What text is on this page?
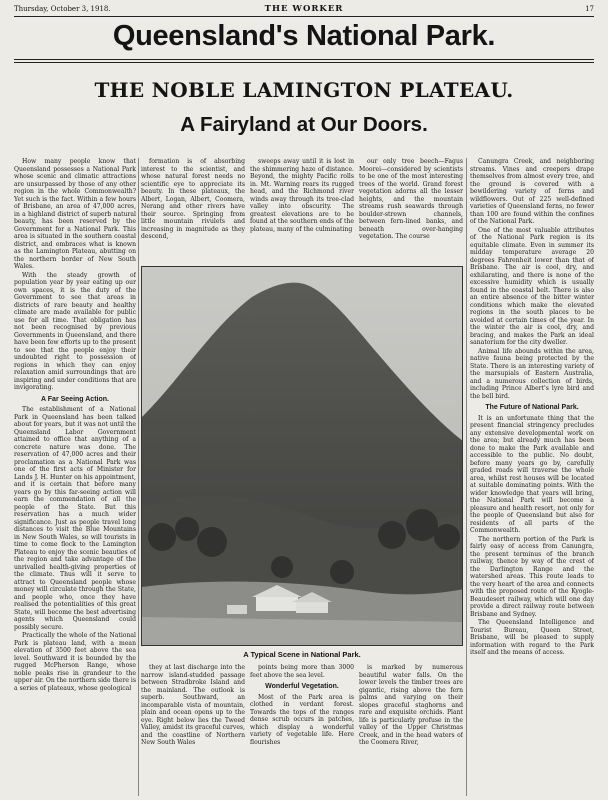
Thursday, October 3, 1918.	THE WORKER	17
Queensland's National Park.
THE NOBLE LAMINGTON PLATEAU.
A Fairyland at Our Doors.

How many people know that Queensland possesses a National Park whose scenic and climatic attractions are unsurpassed by those of any other region in the whole Commonwealth? Yet such is the fact. Within a few hours of Brisbane, an area of 47,000 acres, in a highland district of superb natural beauty, has been reserved by the Government for a National Park. This area is situated in the southern coastal district, and embraces what is known as the Lamington Plateau, abutting on the northern border of New South Wales.

With the steady growth of population year by year eating up our own spaces, it is the duty of the Government to see that areas in districts of rare beauty and healthy climate are made available for public use for all time. That obligation has not been recognised by previous Governments in Queensland, and there have been few efforts up to the present to see that the people enjoy their undoubted right to possession of regions in which they can enjoy relaxation amid surroundings that are inspiring and under conditions that are invigorating.

A Far Seeing Action.

The establishment of a National Park in Queensland has been talked about for years, but it was not until the Queensland Labor Government attained to office that anything of a concrete nature was done. The reservation of 47,000 acres and their proclamation as a National Park was one of the first acts of Minister for Lands J. H. Hunter on his appointment, and it is certain that before many years go by this far-seeing action will earn the commendation of all the people of the State. But this reservation has a much wider significance. Just as people travel long distances to visit the Blue Mountains in New South Wales, so will tourists in time to come flock to the Lamington Plateau to enjoy the scenic beauties of the region and take advantage of the unrivalled health-giving properties of the climate. Thus will it serve to attract to Queensland people whose money will circulate through the State, and people who, once they have realised the potentialities of this great State, will become the best advertising agents which Queensland could possibly secure.

Practically the whole of the National Park is plateau land, with a mean elevation of 3500 feet above the sea level. Southward it is bounded by the rugged McPherson Range, whose noble peaks rise in grandeur to the upper air. On the northern side there is a series of plateaux, whose geological

formation is of absorbing interest to the scientist, and whose natural forest needs no scientific eye to appreciate its beauty. In these plateaux, the Albert, Logan, Albert, Coomera, Nerang and other rivers have their source. Springing from little mountain rivulets and increasing in magnitude as they descend,

sweeps away until it is lost in the shimmering haze of distance. Beyond, the mighty Pacific rolls in. Mt. Warning rears its rugged head, and the Richmond river winds away through its tree-clad valley into obscurity. The greatest elevations are to be found at the southern ends of the plateau, many of the culminating

our only tree beech—Fagus Moorei—considered by scientists to be one of the most interesting trees of the world. Grand forest vegetation adorns all the lesser heights, and the mountain streams rush seawards through boulder-strewn channels, between fern-lined banks, and beneath over-hanging vegetation. The course

A Typical Scene in National Park.

Canungra Creek, and neighboring streams. Vines and creepers drape themselves from almost every tree, and the ground is covered with a bewildering variety of ferns and wildflowers. Out of 225 well-defined varieties of Queensland ferns, no fewer than 100 are found within the confines of the National Park.

One of the most valuable attributes of the National Park region is its equitable climate. Even in summer its midday temperature average 20 degrees Fahrenheit lower than that of Brisbane. The air is cool, dry, and exhilarating, and there is none of the excessive humidity which is usually found in the coastal belt. There is also an entire absence of the bitter winter conditions which make the elevated regions in the south places to be avoided at certain times of the year. In the winter the air is cool, dry, and bracing, and makes the Park an ideal sanatorium for the city dweller.

Animal life abounds within the area, native fauna being protected by the State. There is an interesting variety of the marsupials of Eastern Australia, and a numerous collection of birds, including Prince Albert's lyre bird and the bell bird.

The Future of National Park.

It is an unfortunate thing that the present financial stringency precludes any extensive developmental work on the area; but already much has been done to make the Park available and accessible to the public. No doubt, before many years go by, carefully graded roads will traverse the whole area, whilst rest houses will be located at suitable dominating points. With the wider knowledge that years will bring, the National Park will become a pleasure and health resort, not only for the people of Queensland but also for residents of all parts of the Commonwealth.

The northern portion of the Park is fairly easy of access from Canungra, the present terminus of the branch railway, thence by way of the crest of the Darlington Range and the watershed areas. This route leads to the very heart of the area and connects with the proposed route of the Kyogle-Beaudesert railway, which will one day provide a direct railway route between Brisbane and Sydney.

The Queensland Intelligence and Tourist Bureau, Queen Street, Brisbane, will be pleased to supply information with regard to the Park itself and the means of access.

they at last discharge into the narrow island-studded passage between Stradbroke Island and the mainland. The outlook is superb. Southward, an incomparable vista of mountain, plain and ocean opens up to the eye. Right below lies the Tweed Valley, amidst its graceful curves, and the coastline of Northern New South Wales

points being more than 3000 feet above the sea level.

Wonderful Vegetation.

Most of the Park area is clothed in verdant forest. Towards the tops of the ranges dense scrub occurs in patches, which display a wonderful variety of vegetable life. Here flourishes

is marked by numerous beautiful water falls. On the lower levels the timber trees are gigantic, rising above the fern palms and varying on their slopes graceful staghorns and rare and exquisite orchids. Plant life is particularly profuse in the valley of the Upper Christmas Creek, and in the head waters of the Coomera River,
